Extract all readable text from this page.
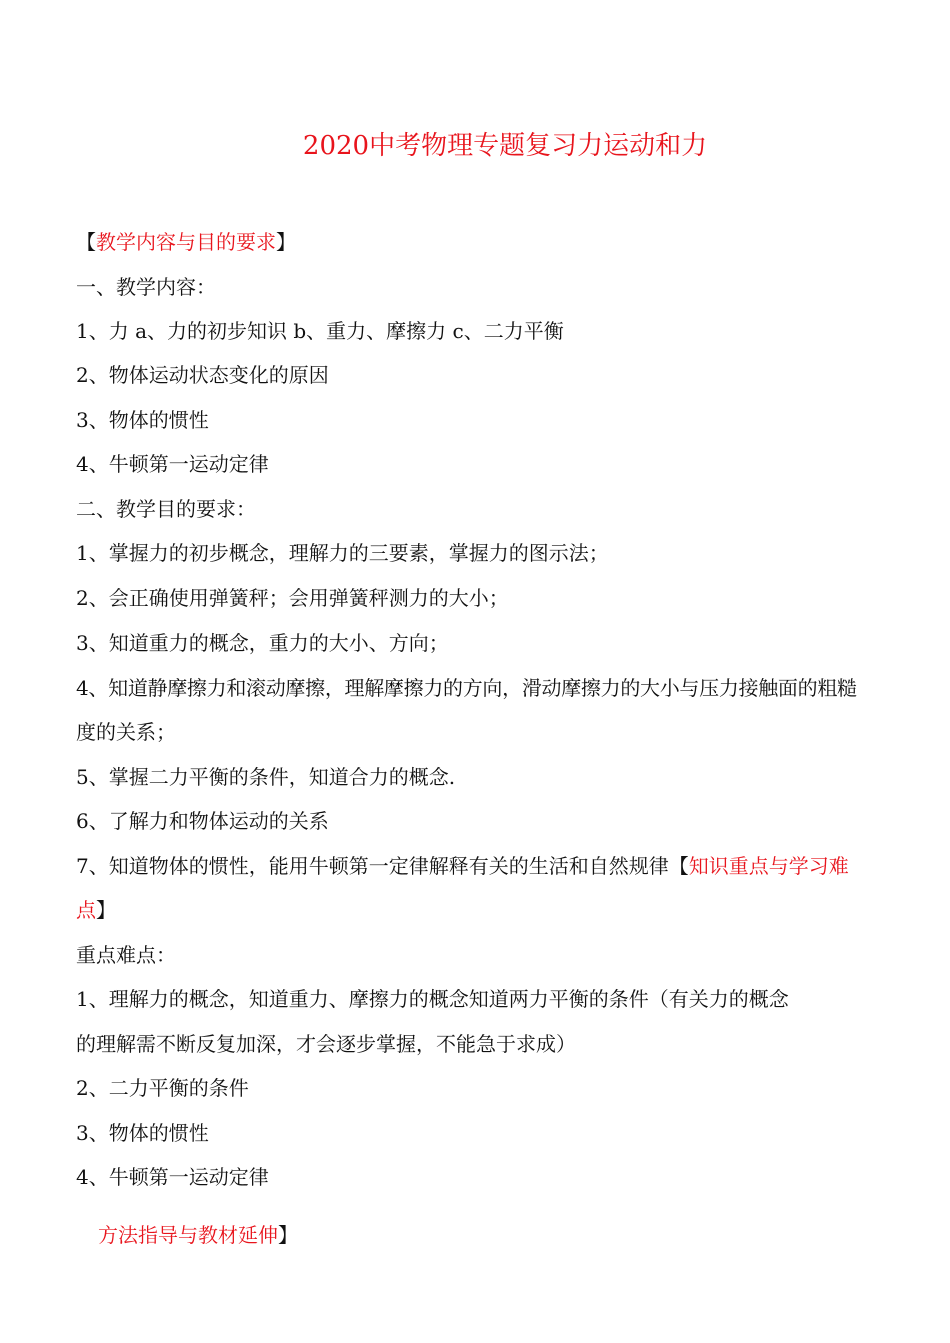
2020中考物理专题复习力运动和力
【教学内容与目的要求】
一、教学内容：
1、力 a、力的初步知识 b、重力、摩擦力 c、二力平衡
2、物体运动状态变化的原因
3、物体的惯性
4、牛顿第一运动定律
二、教学目的要求：
1、掌握力的初步概念，理解力的三要素，掌握力的图示法；
2、会正确使用弹簧秤；会用弹簧秤测力的大小；
3、知道重力的概念，重力的大小、方向；
4、知道静摩擦力和滚动摩擦，理解摩擦力的方向，滑动摩擦力的大小与压力接触面的粗糙
度的关系；
5、掌握二力平衡的条件，知道合力的概念.
6、了解力和物体运动的关系
7、知道物体的惯性，能用牛顿第一定律解释有关的生活和自然规律【知识重点与学习难
点】
重点难点：
1、理解力的概念，知道重力、摩擦力的概念知道两力平衡的条件（有关力的概念
的理解需不断反复加深，才会逐步掌握，不能急于求成）
2、二力平衡的条件
3、物体的惯性
4、牛顿第一运动定律
方法指导与教材延伸】
